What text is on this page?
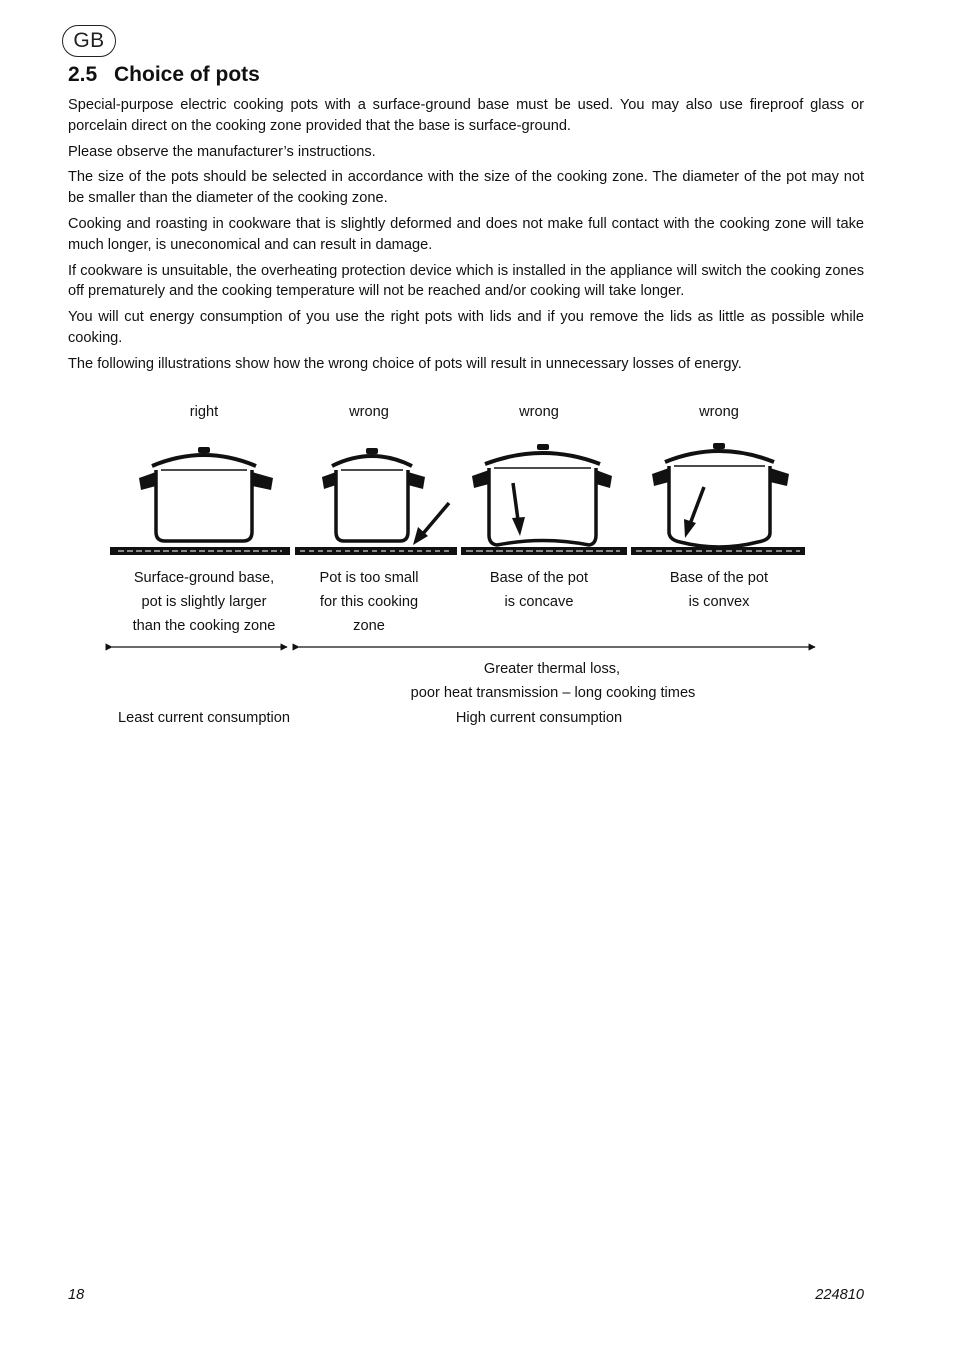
GB
2.5 Choice of pots

Special-purpose electric cooking pots with a surface-ground base must be used. You may also use fireproof glass or porcelain direct on the cooking zone provided that the base is surface-ground.

Please observe the manufacturer’s instructions.

The size of the pots should be selected in accordance with the size of the cooking zone. The diameter of the pot may not be smaller than the diameter of the cooking zone.

Cooking and roasting in cookware that is slightly deformed and does not make full contact with the cooking zone will take much longer, is uneconomical and can result in damage.

If cookware is unsuitable, the overheating protection device which is installed in the appliance will switch the cooking zones off prematurely and the cooking temperature will not be reached and/or cooking will take longer.

You will cut energy consumption of you use the right pots with lids and if you remove the lids as little as possible while cooking.

The following illustrations show how the wrong choice of pots will result in unnecessary losses of energy.

right	wrong	wrong	wrong
Surface-ground base,
pot is slightly larger
than the cooking zone
Pot is too small
for this cooking
zone
Base of the pot
is concave
Base of the pot
is convex
Greater thermal loss,
poor heat transmission – long cooking times
Least current consumption	High current consumption
18	224810
